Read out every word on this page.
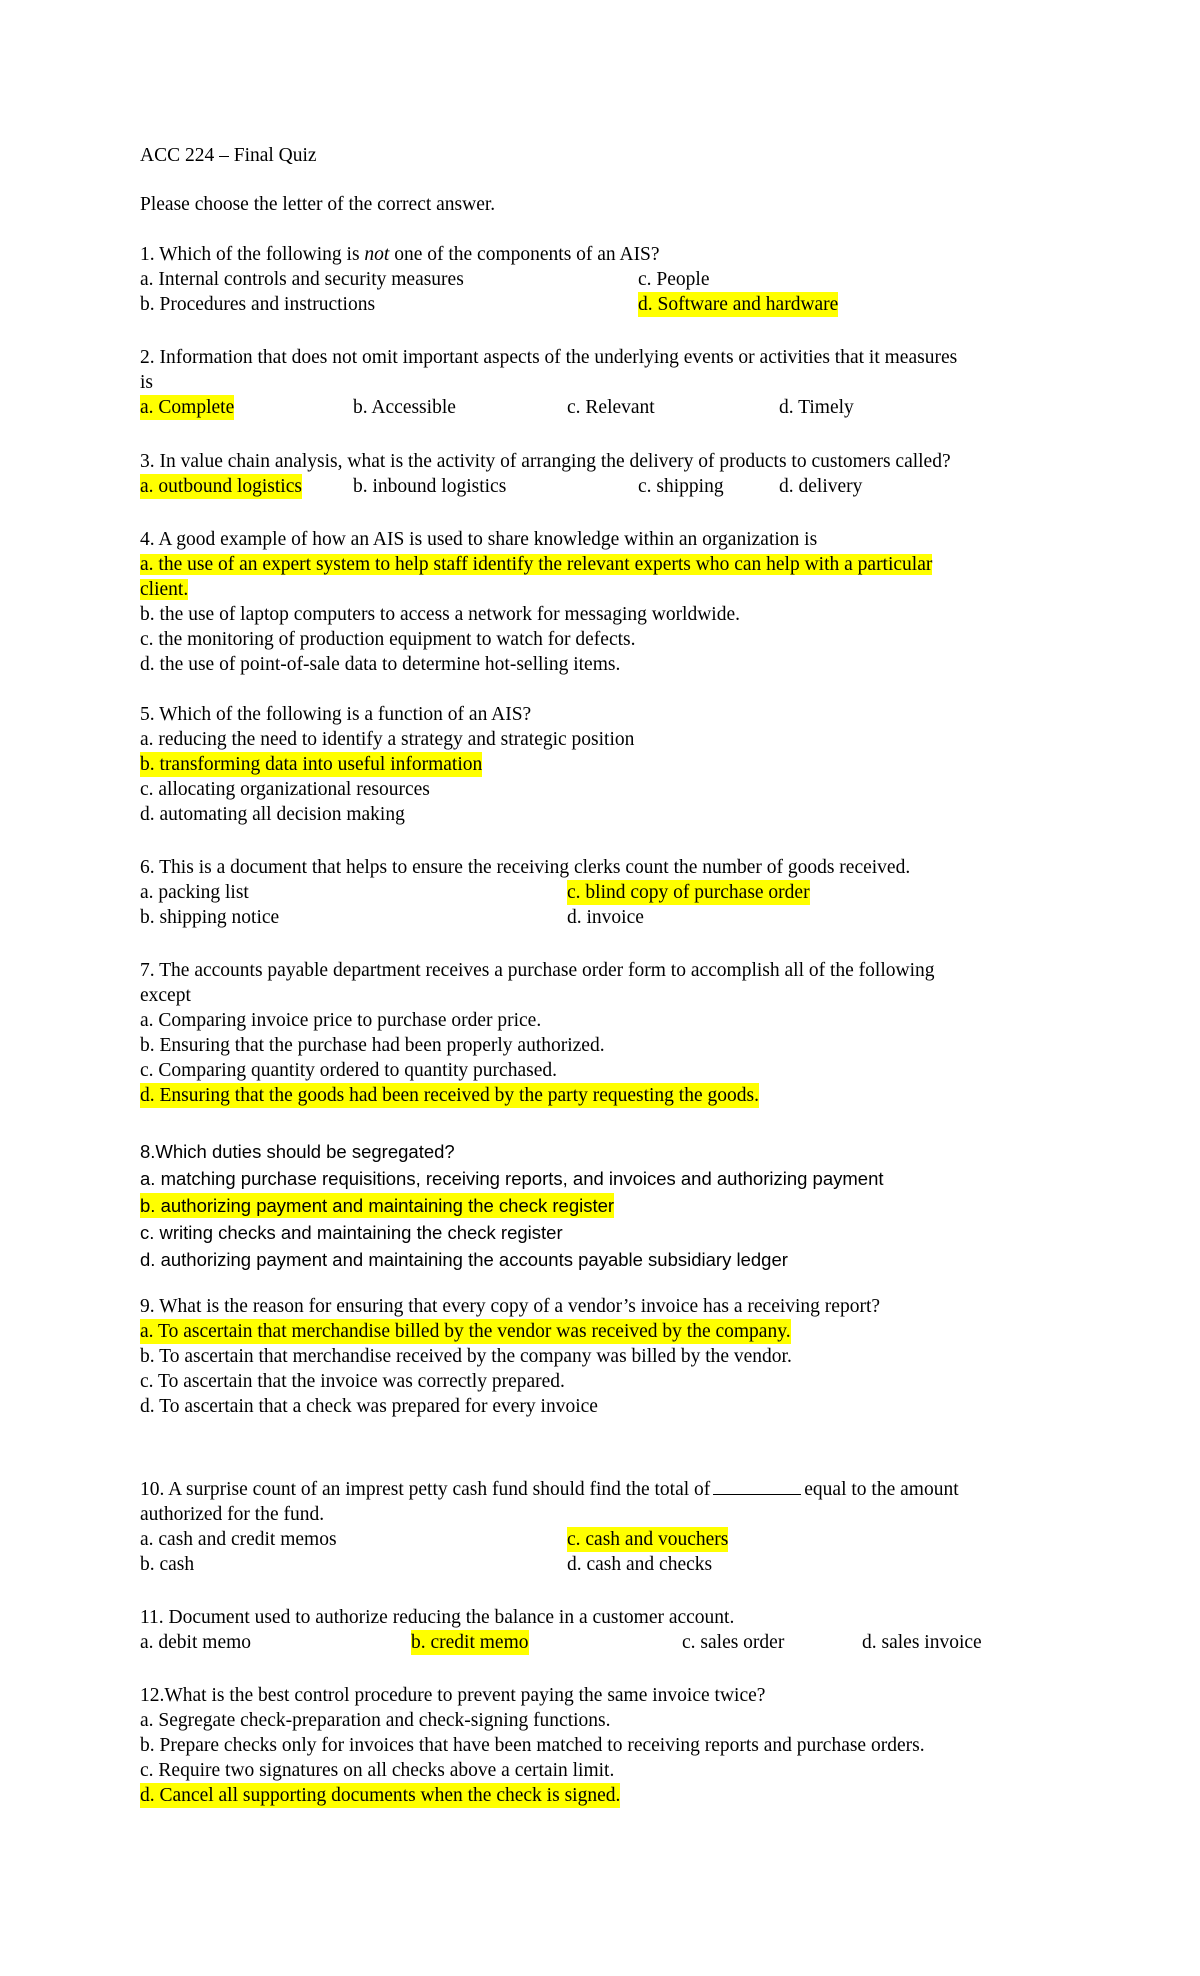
ACC 224 – Final Quiz
Please choose the letter of the correct answer.
1. Which of the following is not one of the components of an AIS?
a. Internal controls and security measures	c. People
b. Procedures and instructions	d. Software and hardware
2. Information that does not omit important aspects of the underlying events or activities that it measures
is
a. Complete	b. Accessible	c. Relevant	d. Timely
3. In value chain analysis, what is the activity of arranging the delivery of products to customers called?
a. outbound logistics	b. inbound logistics	c. shipping	d. delivery
4. A good example of how an AIS is used to share knowledge within an organization is
a. the use of an expert system to help staff identify the relevant experts who can help with a particular
client.
b. the use of laptop computers to access a network for messaging worldwide.
c. the monitoring of production equipment to watch for defects.
d. the use of point-of-sale data to determine hot-selling items.
5. Which of the following is a function of an AIS?
a. reducing the need to identify a strategy and strategic position
b. transforming data into useful information
c. allocating organizational resources
d. automating all decision making
6. This is a document that helps to ensure the receiving clerks count the number of goods received.
a. packing list	c. blind copy of purchase order
b. shipping notice	d. invoice
7. The accounts payable department receives a purchase order form to accomplish all of the following
except
a. Comparing invoice price to purchase order price.
b. Ensuring that the purchase had been properly authorized.
c. Comparing quantity ordered to quantity purchased.
d. Ensuring that the goods had been received by the party requesting the goods.
8.Which duties should be segregated?
a. matching purchase requisitions, receiving reports, and invoices and authorizing payment
b. authorizing payment and maintaining the check register
c. writing checks and maintaining the check register
d. authorizing payment and maintaining the accounts payable subsidiary ledger
9. What is the reason for ensuring that every copy of a vendor’s invoice has a receiving report?
a. To ascertain that merchandise billed by the vendor was received by the company.
b. To ascertain that merchandise received by the company was billed by the vendor.
c. To ascertain that the invoice was correctly prepared.
d. To ascertain that a check was prepared for every invoice
10. A surprise count of an imprest petty cash fund should find the total of	equal to the amount
authorized for the fund.
a. cash and credit memos	c. cash and vouchers
b. cash	d. cash and checks
11. Document used to authorize reducing the balance in a customer account.
a. debit memo	b. credit memo	c. sales order	d. sales invoice
12.What is the best control procedure to prevent paying the same invoice twice?
a. Segregate check-preparation and check-signing functions.
b. Prepare checks only for invoices that have been matched to receiving reports and purchase orders.
c. Require two signatures on all checks above a certain limit.
d. Cancel all supporting documents when the check is signed.
